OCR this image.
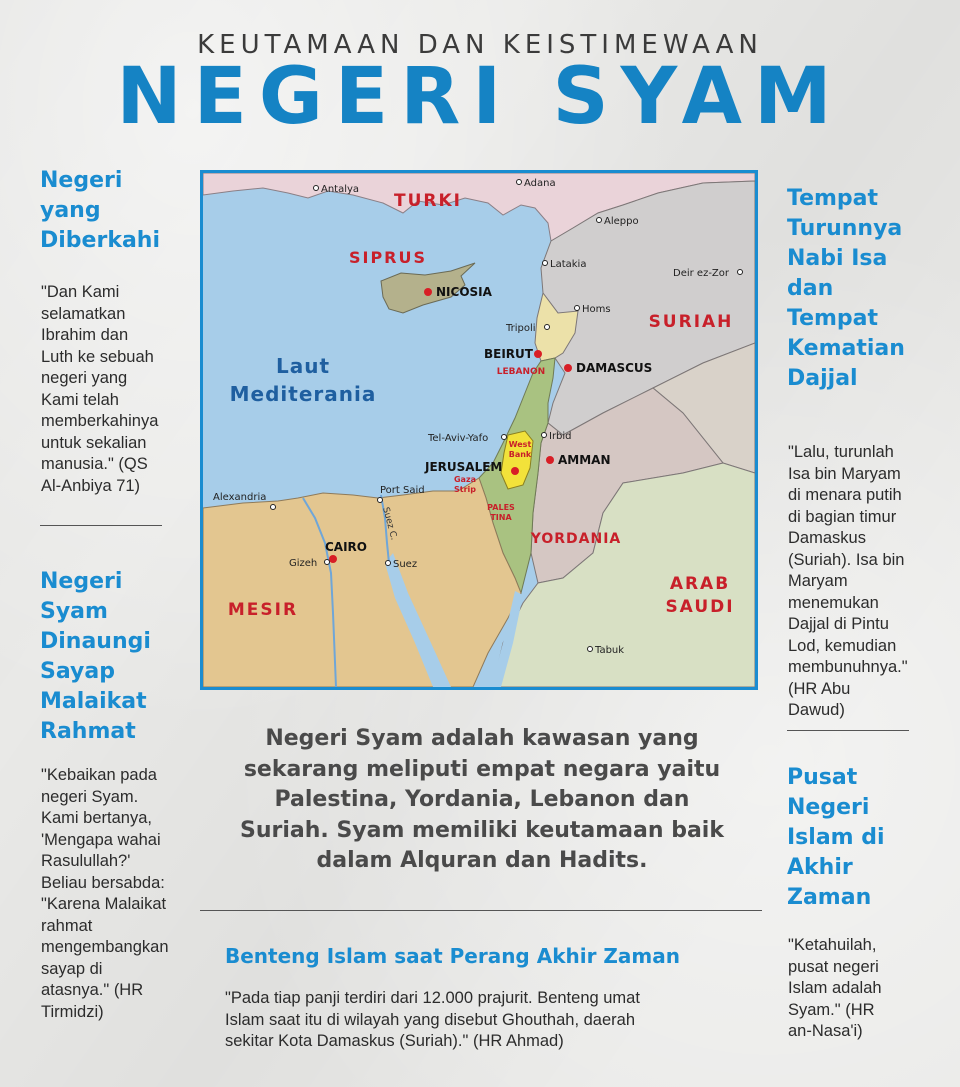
KEUTAMAAN DAN KEISTIMEWAAN
NEGERI SYAM
Negeri
yang
Diberkahi
"Dan Kami
selamatkan
Ibrahim dan
Luth ke sebuah
negeri yang
Kami telah
memberkahinya
untuk sekalian
manusia." (QS
Al-Anbiya 71)
Negeri
Syam
Dinaungi
Sayap
Malaikat
Rahmat
"Kebaikan pada
negeri Syam.
Kami bertanya,
'Mengapa wahai
Rasulullah?'
Beliau bersabda:
"Karena Malaikat
rahmat
mengembangkan
sayap di
atasnya." (HR
Tirmidzi)
Tempat
Turunnya
Nabi Isa
dan
Tempat
Kematian
Dajjal
"Lalu, turunlah
Isa bin Maryam
di menara putih
di bagian timur
Damaskus
(Suriah). Isa bin
Maryam
menemukan
Dajjal di Pintu
Lod, kemudian
membunuhnya."
(HR Abu
Dawud)
Pusat
Negeri
Islam di
Akhir
Zaman
"Ketahuilah,
pusat negeri
Islam adalah
Syam." (HR
an-Nasa'i)
Laut
Mediterania
TURKI
SIPRUS
SURIAH
LEBANON
YORDANIA
ARAB
SAUDI
MESIR
PALES
TINA
West
Bank
Gaza
Strip
Suez C.
NICOSIA
BEIRUT
DAMASCUS
JERUSALEM	AMMAN
CAIRO
Antalya
Adana
Aleppo
Latakia
Deir ez-Zor
Homs
Tripoli
Tel-Aviv-Yafo	Irbid
Alexandria
Port Said
Gizeh	Suez
Tabuk
Negeri Syam adalah kawasan yang
sekarang meliputi empat negara yaitu
Palestina, Yordania, Lebanon dan
Suriah. Syam memiliki keutamaan baik
dalam Alquran dan Hadits.
Benteng Islam saat Perang Akhir Zaman
"Pada tiap panji terdiri dari 12.000 prajurit. Benteng umat
Islam saat itu di wilayah yang disebut Ghouthah, daerah
sekitar Kota Damaskus (Suriah)." (HR Ahmad)
